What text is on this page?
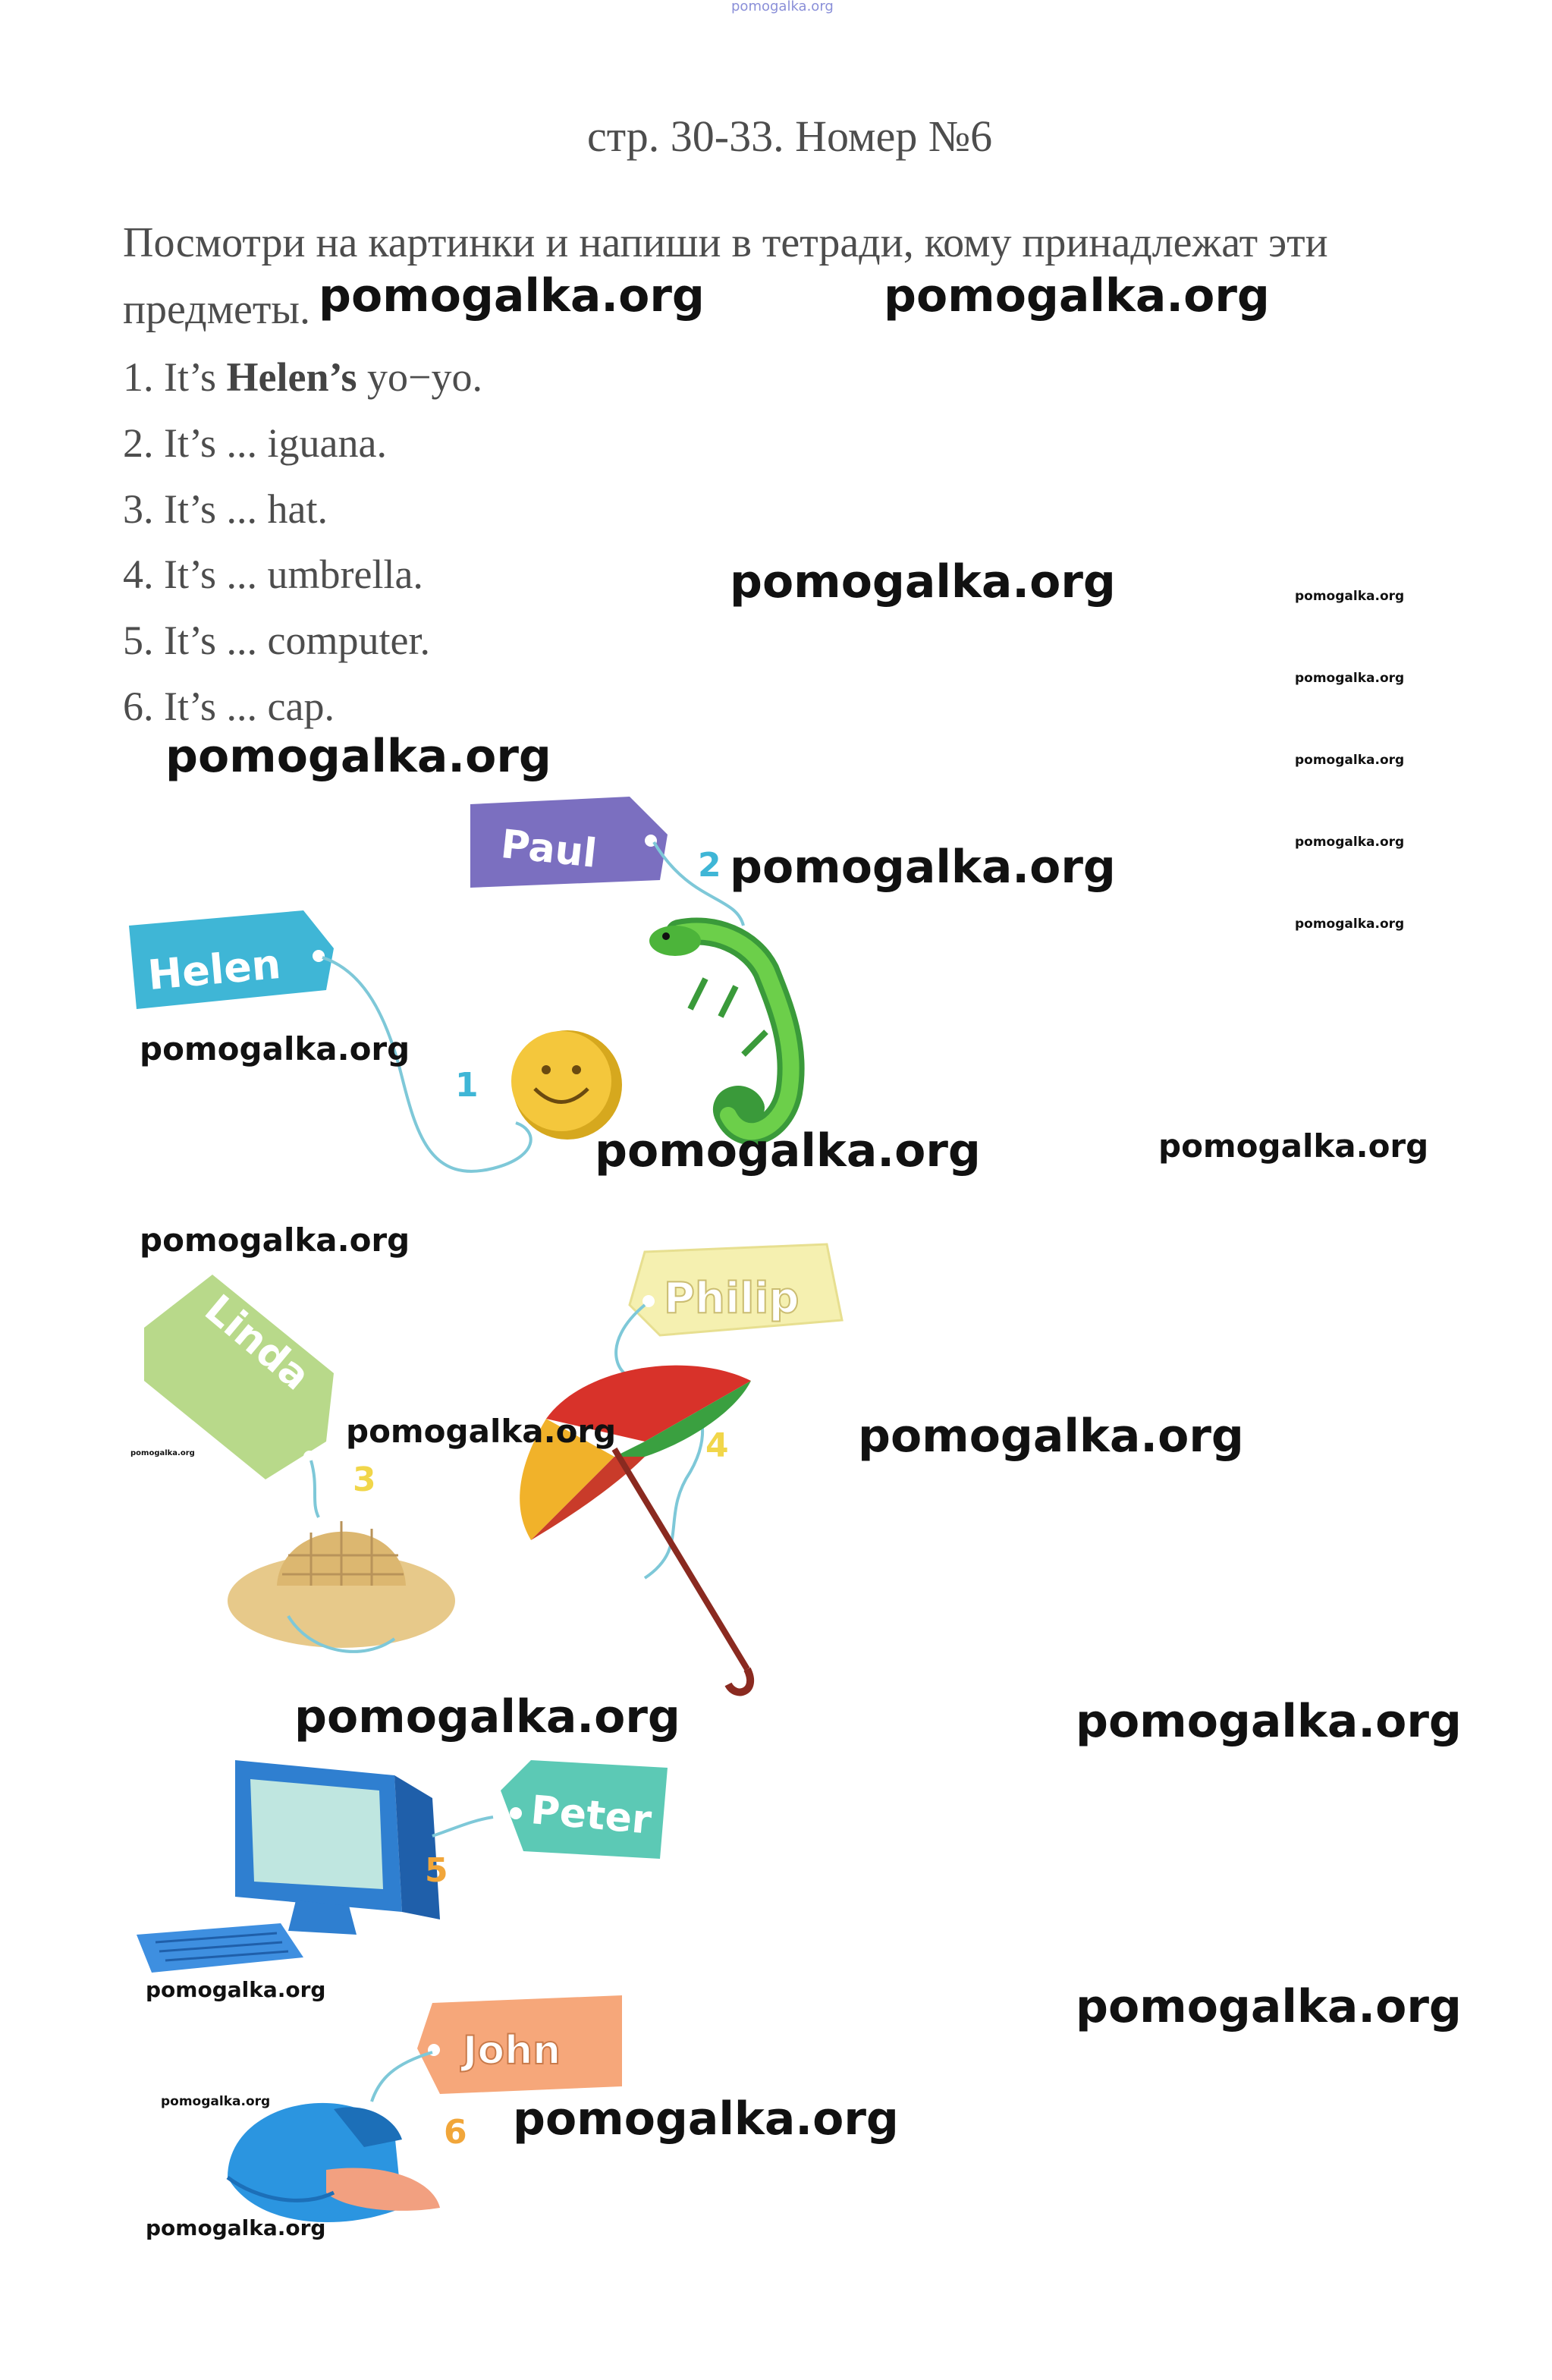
pomogalka.org
стр. 30-33. Номер №6
Посмотри на картинки и напиши в тетради, кому принадлежат эти предметы.
1. It’s Helen’s yo−yo.
2. It’s ... iguana.
3. It’s ... hat.
4. It’s ... umbrella.
5. It’s ... computer.
6. It’s ... cap.
Paul	2
Helen
1
Philip
4
Linda
3
Peter
5
John
6
pomogalka.org	pomogalka.org
pomogalka.org	pomogalka.org
pomogalka.org
pomogalka.org
pomogalka.org
pomogalka.org
pomogalka.org
pomogalka.org
pomogalka.org
pomogalka.org	pomogalka.org
pomogalka.org
pomogalka.org
pomogalka.org	pomogalka.org
pomogalka.org	pomogalka.org
pomogalka.org	pomogalka.org
pomogalka.org	pomogalka.org
pomogalka.org
